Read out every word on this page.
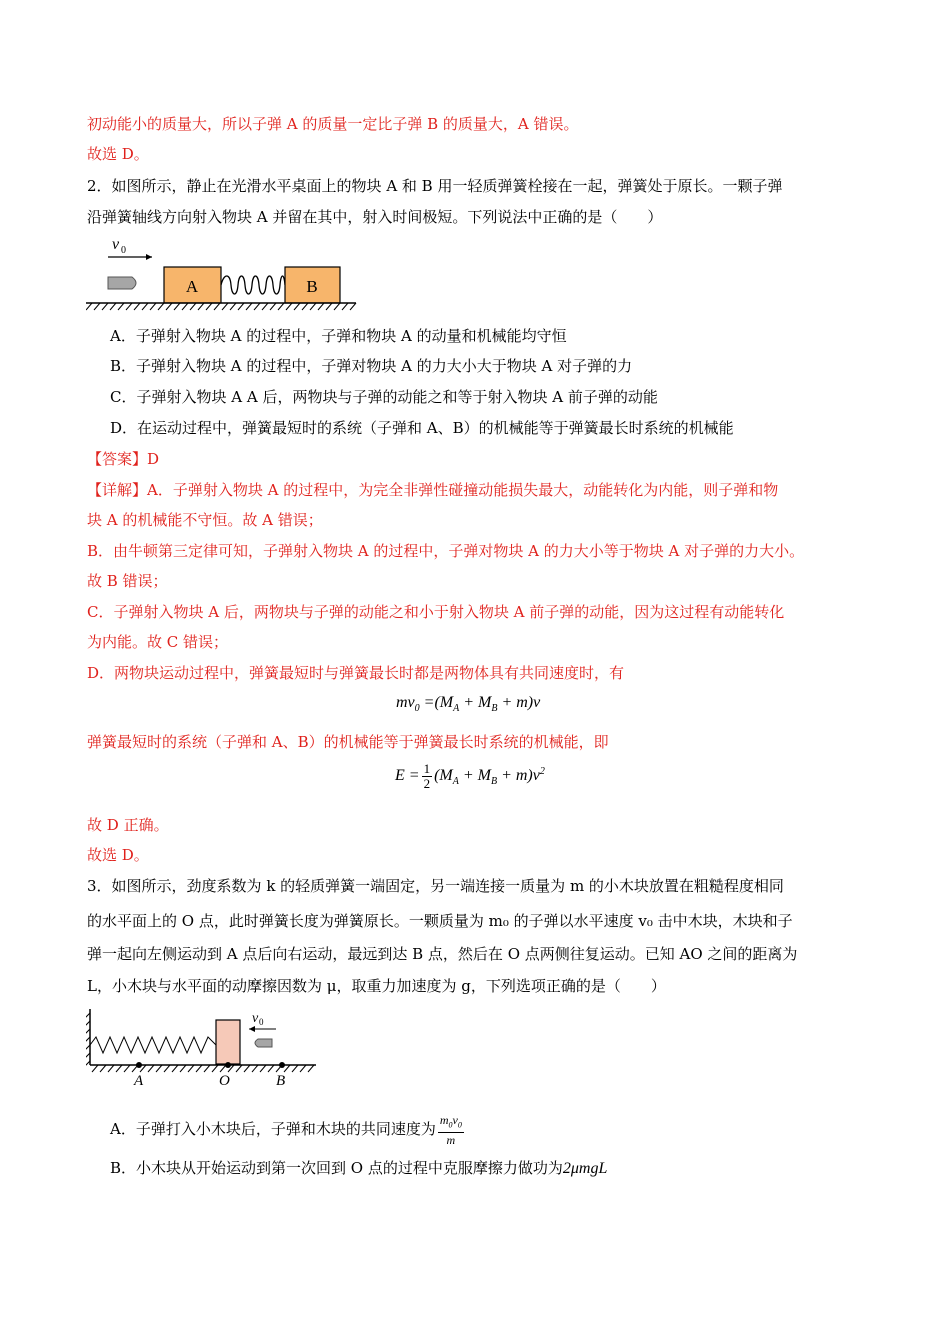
初动能小的质量大，所以子弹 A 的质量一定比子弹 B 的质量大，A 错误。
故选 D。
2．如图所示，静止在光滑水平桌面上的物块 A 和 B 用一轻质弹簧栓接在一起，弹簧处于原长。一颗子弹
沿弹簧轴线方向射入物块 A 并留在其中，射入时间极短。下列说法中正确的是（　　）
v 0
A	B
A．子弹射入物块 A 的过程中，子弹和物块 A 的动量和机械能均守恒
B．子弹射入物块 A 的过程中，子弹对物块 A 的力大小大于物块 A 对子弹的力
C．子弹射入物块 A A 后，两物块与子弹的动能之和等于射入物块 A 前子弹的动能
D．在运动过程中，弹簧最短时的系统（子弹和 A、B）的机械能等于弹簧最长时系统的机械能
【答案】D
【详解】A．子弹射入物块 A 的过程中，为完全非弹性碰撞动能损失最大，动能转化为内能，则子弹和物
块 A 的机械能不守恒。故 A 错误；
B．由牛顿第三定律可知，子弹射入物块 A 的过程中，子弹对物块 A 的力大小等于物块 A 对子弹的力大小。
故 B 错误；
C．子弹射入物块 A 后，两物块与子弹的动能之和小于射入物块 A 前子弹的动能，因为这过程有动能转化
为内能。故 C 错误；
D．两物块运动过程中，弹簧最短时与弹簧最长时都是两物体具有共同速度时，有
$mv_0 =(M_A + M_B + m)v$
弹簧最短时的系统（子弹和 A、B）的机械能等于弹簧最长时系统的机械能，即
$E = \frac{1}{2} (M_A + M_B + m)v^2$
故 D 正确。
故选 D。
3．如图所示，劲度系数为 k 的轻质弹簧一端固定，另一端连接一质量为 m 的小木块放置在粗糙程度相同
的水平面上的 O 点，此时弹簧长度为弹簧原长。一颗质量为 m₀ 的子弹以水平速度 v₀ 击中木块，木块和子
弹一起向左侧运动到 A 点后向右运动，最远到达 B 点，然后在 O 点两侧往复运动。已知 AO 之间的距离为
L，小木块与水平面的动摩擦因数为 μ，取重力加速度为 g，下列选项正确的是（　　）
v 0
A	O	B
A．子弹打入小木块后，子弹和木块的共同速度为 $\frac{m_0v_0}{m}$
B．小木块从开始运动到第一次回到 O 点的过程中克服摩擦力做功为2μmgL
